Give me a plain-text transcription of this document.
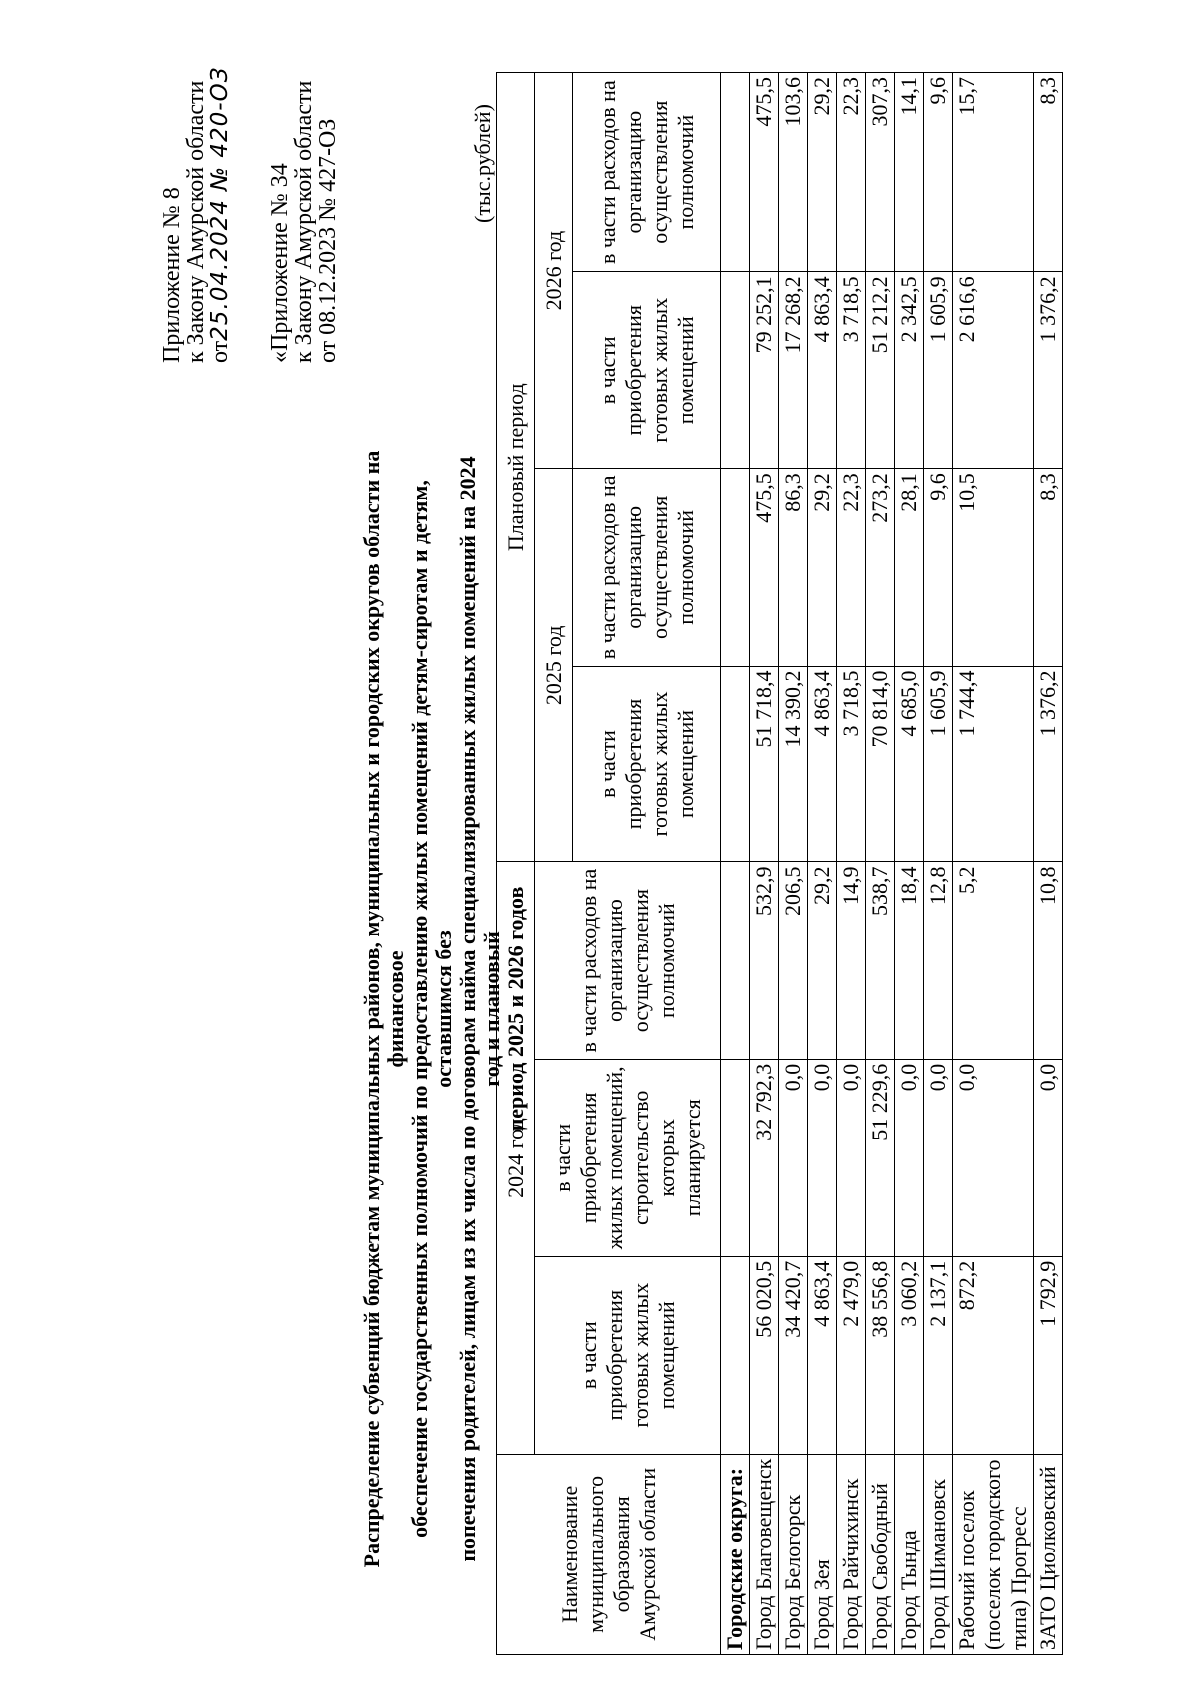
Приложение № 8
к Закону Амурской области
от25.04.2024 № 420-ОЗ «Приложение № 34
к Закону Амурской области
от 08.12.2023 № 427-ОЗ
Распределение субвенций бюджетам муниципальных районов, муниципальных и городских округов области на финансовое обеспечение государственных полномочий по предоставлению жилых помещений детям-сиротам и детям, оставшимся без попечения родителей, лицам из их числа по договорам найма специализированных жилых помещений на 2024 год и плановый период 2025 и 2026 годов
(тыс.рублей)
Наименование муниципального образования Амурской области	2024 год			Плановый период			
	в части приобретения готовых жилых помещений	в части приобретения жилых помещений, строительство которых планируется	в части расходов на организацию осуществления полномочий	2025 год		2026 год	
				в части приобретения готовых жилых помещений	в части расходов на организацию осуществления полномочий	в части приобретения готовых жилых помещений	в части расходов на организацию осуществления полномочий
Городские округа:							
Город Благовещенск	56 020,5	32 792,3	532,9	51 718,4	475,5	79 252,1	475,5
Город Белогорск	34 420,7	0,0	206,5	14 390,2	86,3	17 268,2	103,6
Город Зея	4 863,4	0,0	29,2	4 863,4	29,2	4 863,4	29,2
Город Райчихинск	2 479,0	0,0	14,9	3 718,5	22,3	3 718,5	22,3
Город Свободный	38 556,8	51 229,6	538,7	70 814,0	273,2	51 212,2	307,3
Город Тында	3 060,2	0,0	18,4	4 685,0	28,1	2 342,5	14,1
Город Шимановск	2 137,1	0,0	12,8	1 605,9	9,6	1 605,9	9,6

Рабочий поселок (поселок городского типа) Прогресс	872,2	0,0	5,2	1 744,4	10,5	2 616,6	15,7
ЗАТО Циолковский	1 792,9	0,0	10,8	1 376,2	8,3	1 376,2	8,3
